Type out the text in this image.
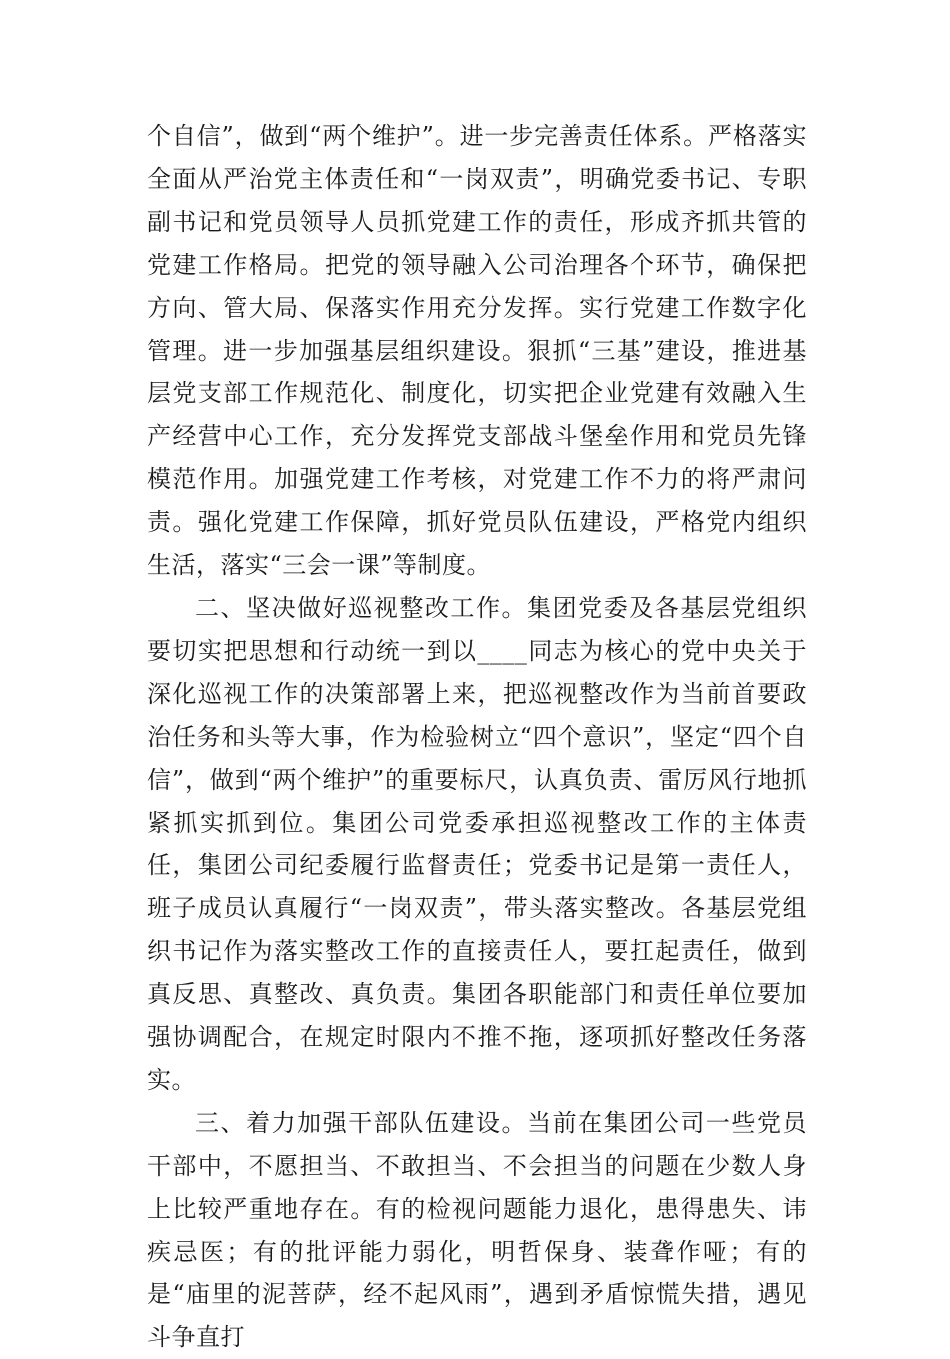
个自信”，做到“两个维护”。进一步完善责任体系。严格落实全面从严治党主体责任和“一岗双责”，明确党委书记、专职副书记和党员领导人员抓党建工作的责任，形成齐抓共管的党建工作格局。把党的领导融入公司治理各个环节，确保把方向、管大局、保落实作用充分发挥。实行党建工作数字化管理。进一步加强基层组织建设。狠抓“三基”建设，推进基层党支部工作规范化、制度化，切实把企业党建有效融入生产经营中心工作，充分发挥党支部战斗堡垒作用和党员先锋模范作用。加强党建工作考核，对党建工作不力的将严肃问责。强化党建工作保障，抓好党员队伍建设，严格党内组织生活，落实“三会一课”等制度。

二、坚决做好巡视整改工作。集团党委及各基层党组织要切实把思想和行动统一到以____同志为核心的党中央关于深化巡视工作的决策部署上来，把巡视整改作为当前首要政治任务和头等大事，作为检验树立“四个意识”，坚定“四个自信”，做到“两个维护”的重要标尺，认真负责、雷厉风行地抓紧抓实抓到位。集团公司党委承担巡视整改工作的主体责任，集团公司纪委履行监督责任；党委书记是第一责任人，班子成员认真履行“一岗双责”，带头落实整改。各基层党组织书记作为落实整改工作的直接责任人，要扛起责任，做到真反思、真整改、真负责。集团各职能部门和责任单位要加强协调配合，在规定时限内不推不拖，逐项抓好整改任务落实。

三、着力加强干部队伍建设。当前在集团公司一些党员干部中，不愿担当、不敢担当、不会担当的问题在少数人身上比较严重地存在。有的检视问题能力退化，患得患失、讳疾忌医；有的批评能力弱化，明哲保身、装聋作哑；有的是“庙里的泥菩萨，经不起风雨”，遇到矛盾惊慌失措，遇见斗争直打
